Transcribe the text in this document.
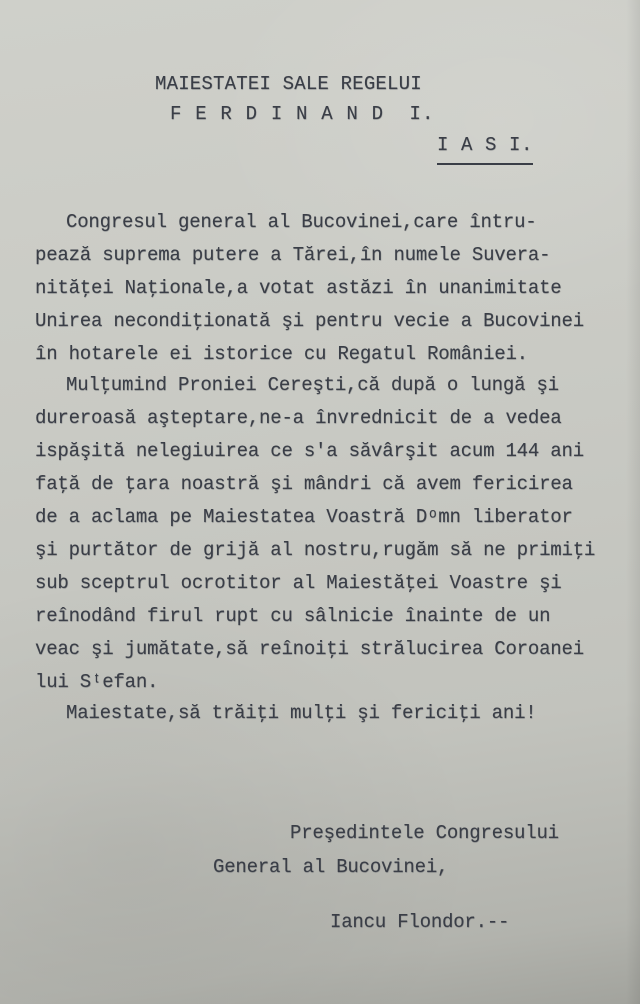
MAIESTATEI SALE REGELUI
F E R D I N A N D  I.
I A S I.
Congresul general al Bucovinei,care întru-
pează suprema putere a Tărei,în numele Suvera-
nităţei Naţionale,a votat astăzi în unanimitate
Unirea necondiţionată şi pentru vecie a Bucovinei
în hotarele ei istorice cu Regatul României.
Mulţumind Proniei Cereşti,că după o lungă şi
dureroasă aşteptare,ne-a învrednicit de a vedea
ispăşită nelegiuirea ce s'a săvârşit acum 144 ani
faţă de ţara noastră şi mândri că avem fericirea
de a aclama pe Maiestatea Voastră Dᵒmn liberator
şi purtător de grijă al nostru,rugăm să ne primiţi
sub sceptrul ocrotitor al Maiestăţei Voastre şi
reînodând firul rupt cu sâlnicie înainte de un
veac şi jumătate,să reînoiţi strălucirea Coroanei
lui Sᵗefan.
Maiestate,să trăiţi mulţi şi fericiţi ani!
Preşedintele Congresului
General al Bucovinei,
Iancu Flondor.--
